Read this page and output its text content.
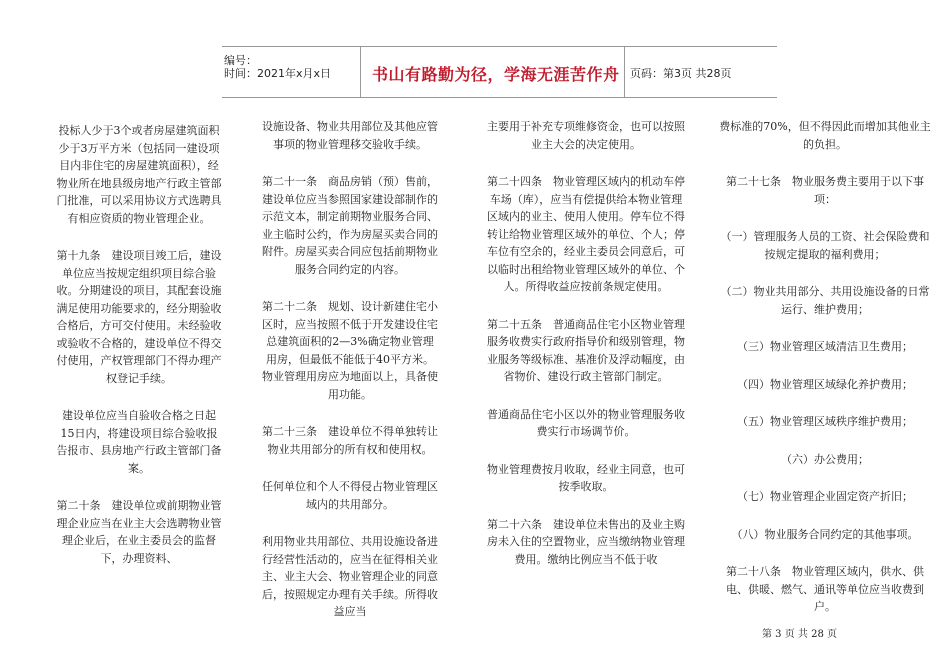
编号：
时间：2021年x月x日	书山有路勤为径，学海无涯苦作舟 页码：第3页 共28页

投标人少于3个或者房屋建筑面积少于3万平方米（包括同一建设项目内非住宅的房屋建筑面积），经物业所在地县级房地产行政主管部门批准，可以采用协议方式选聘具有相应资质的物业管理企业。

第十九条　建设项目竣工后，建设单位应当按规定组织项目综合验收。分期建设的项目，其配套设施满足使用功能要求的，经分期验收合格后，方可交付使用。未经验收或验收不合格的，建设单位不得交付使用，产权管理部门不得办理产权登记手续。

建设单位应当自验收合格之日起15日内，将建设项目综合验收报告报市、县房地产行政主管部门备案。

第二十条　建设单位或前期物业管理企业应当在业主大会选聘物业管理企业后，在业主委员会的监督下，办理资料、

设施设备、物业共用部位及其他应管事项的物业管理移交验收手续。

第二十一条　商品房销（预）售前，建设单位应当参照国家建设部制作的示范文本，制定前期物业服务合同、业主临时公约，作为房屋买卖合同的附件。房屋买卖合同应包括前期物业服务合同约定的内容。

第二十二条　规划、设计新建住宅小区时，应当按照不低于开发建设住宅总建筑面积的2—3%确定物业管理用房，但最低不能低于40平方米。物业管理用房应为地面以上，具备使用功能。

第二十三条　建设单位不得单独转让物业共用部分的所有权和使用权。

任何单位和个人不得侵占物业管理区域内的共用部分。

利用物业共用部位、共用设施设备进行经营性活动的，应当在征得相关业主、业主大会、物业管理企业的同意后，按照规定办理有关手续。所得收益应当

主要用于补充专项维修资金，也可以按照业主大会的决定使用。

第二十四条　物业管理区域内的机动车停车场（库），应当有偿提供给本物业管理区域内的业主、使用人使用。停车位不得转让给物业管理区域外的单位、个人；停车位有空余的，经业主委员会同意后，可以临时出租给物业管理区域外的单位、个人。所得收益应按前条规定使用。

第二十五条　普通商品住宅小区物业管理服务收费实行政府指导价和级别管理，物业服务等级标准、基准价及浮动幅度，由省物价、建设行政主管部门制定。

普通商品住宅小区以外的物业管理服务收费实行市场调节价。

物业管理费按月收取，经业主同意，也可按季收取。

第二十六条　建设单位未售出的及业主购房未入住的空置物业，应当缴纳物业管理费用。缴纳比例应当不低于收

费标准的70%，但不得因此而增加其他业主的负担。

第二十七条　物业服务费主要用于以下事项：

（一）管理服务人员的工资、社会保险费和按规定提取的福利费用；

（二）物业共用部分、共用设施设备的日常运行、维护费用；

（三）物业管理区域清洁卫生费用；

（四）物业管理区域绿化养护费用；

（五）物业管理区域秩序维护费用；

（六）办公费用；

（七）物业管理企业固定资产折旧；

（八）物业服务合同约定的其他事项。

第二十八条　物业管理区域内，供水、供电、供暖、燃气、通讯等单位应当收费到户。

第 3 页 共 28 页
